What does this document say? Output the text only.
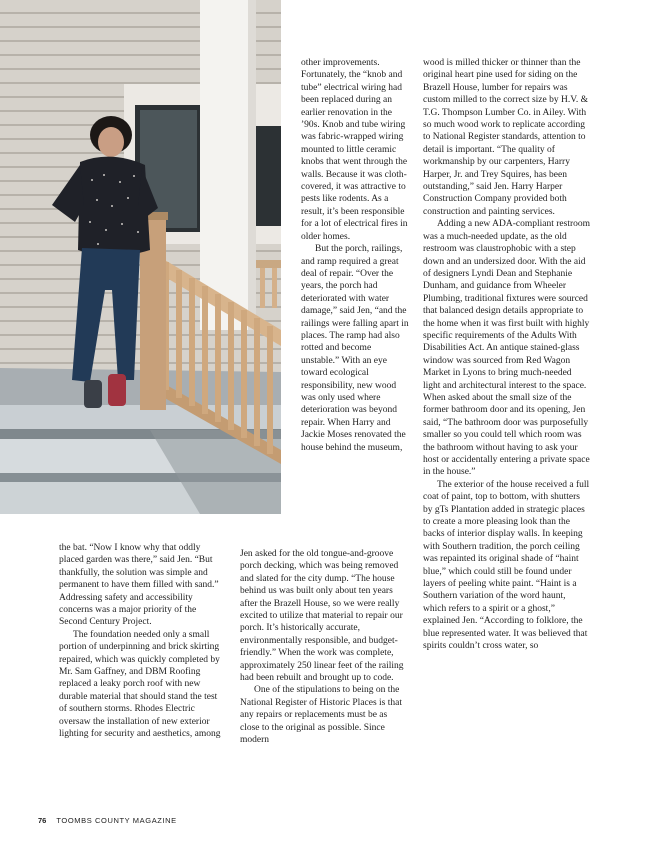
the bat. “Now I know why that oddly placed garden was there,” said Jen. “But thankfully, the solution was simple and permanent to have them filled with sand.” Addressing safety and accessibility concerns was a major priority of the Second Century Project.

The foundation needed only a small portion of underpinning and brick skirting repaired, which was quickly completed by Mr. Sam Gaffney, and DBM Roofing replaced a leaky porch roof with new durable material that should stand the test of southern storms. Rhodes Electric oversaw the installation of new exterior lighting for security and aesthetics, among

other improvements. Fortunately, the “knob and tube” electrical wiring had been replaced during an earlier renovation in the ’90s. Knob and tube wiring was fabric-wrapped wiring mounted to little ceramic knobs that went through the walls. Because it was cloth-covered, it was attractive to pests like rodents. As a result, it’s been responsible for a lot of electrical fires in older homes.

But the porch, railings, and ramp required a great deal of repair. “Over the years, the porch had deteriorated with water damage,” said Jen, “and the railings were falling apart in places. The ramp had also rotted and become unstable.” With an eye toward ecological responsibility, new wood was only used where deterioration was beyond repair. When Harry and Jackie Moses renovated the house behind the museum,

Jen asked for the old tongue-and-groove porch decking, which was being removed and slated for the city dump. “The house behind us was built only about ten years after the Brazell House, so we were really excited to utilize that material to repair our porch. It’s historically accurate, environmentally responsible, and budget-friendly.” When the work was complete, approximately 250 linear feet of the railing had been rebuilt and brought up to code.

One of the stipulations to being on the National Register of Historic Places is that any repairs or replacements must be as close to the original as possible. Since modern

wood is milled thicker or thinner than the original heart pine used for siding on the Brazell House, lumber for repairs was custom milled to the correct size by H.V. & T.G. Thompson Lumber Co. in Ailey. With so much wood work to replicate according to National Register standards, attention to detail is important. “The quality of workmanship by our carpenters, Harry Harper, Jr. and Trey Squires, has been outstanding,” said Jen. Harry Harper Construction Company provided both construction and painting services.

Adding a new ADA-compliant restroom was a much-needed update, as the old restroom was claustrophobic with a step down and an undersized door. With the aid of designers Lyndi Dean and Stephanie Dunham, and guidance from Wheeler Plumbing, traditional fixtures were sourced that balanced design details appropriate to the home when it was first built with highly specific requirements of the Adults With Disabilities Act. An antique stained-glass window was sourced from Red Wagon Market in Lyons to bring much-needed light and architectural interest to the space. When asked about the small size of the former bathroom door and its opening, Jen said, “The bathroom door was purposefully smaller so you could tell which room was the bathroom without having to ask your host or accidentally entering a private space in the house.”

The exterior of the house received a full coat of paint, top to bottom, with shutters by gTs Plantation added in strategic places to create a more pleasing look than the backs of interior display walls. In keeping with Southern tradition, the porch ceiling was repainted its original shade of “haint blue,” which could still be found under layers of peeling white paint. “Haint is a Southern variation of the word haunt, which refers to a spirit or a ghost,” explained Jen. “According to folklore, the blue represented water. It was believed that spirits couldn’t cross water, so

76 TOOMBS COUNTY MAGAZINE
